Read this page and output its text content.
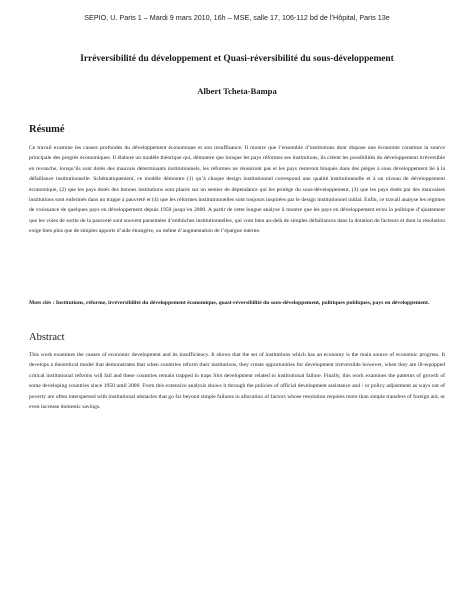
SEPIO, U. Paris 1 – Mardi 9 mars 2010, 16h – MSE, salle 17, 106-112 bd de l’Hôpital, Paris 13e
Irréversibilité du développement et Quasi-réversibilité du sous-développement
Albert Tcheta-Bampa
Résumé
Ce travail examine les causes profondes du développement économique et son insuffisance. Il montre que l’ensemble d’institutions dont dispose une économie constitue la source principale des progrès économiques. Il élabore un modèle théorique qui, démontre que lorsque les pays réformes ses institutions, ils créent les possibilités du développement irréversible en revanche, lorsqu’ils sont dotés des mauvais déterminants institutionnels, les réformes ne réussiront pas et les pays resteront bloqués dans des pièges à sous développement lié à la défaillance institutionnelle. Schématiquement, ce modèle démontre (1) qu’à chaque design institutionnel correspond une qualité institutionnelle et à un niveau de développement économique, (2) que les pays dotés des bonnes institutions sont placés sur un sentier de dépendance qui les protège du sous-développement, (3) que les pays dotés par des mauvaises institutions sont enfermés dans un trappe à pauvreté et (4) que les réformes institutionnelles sont toujours inspirées par le design institutionnel initial. Enfin, ce travail analyse les régimes de croissance de quelques pays en développement depuis 1950 jusqu’en 2000. A partir de cette longue analyse il montre que les pays en développement et/ou la politique d’ajustement que les voies de sortie de la pauvreté sont souvent parsemées d’embûches institutionnelles, qui vont bien au-delà de simples défaillances dans la dotation de facteurs et dont la résolution exige bien plus que de simples apports d’aide étrangère, ou même d’augmentation de l’épargne interne.
Mots clés : Institutions, réforme, irréversibilité du développement économique, quasi-réversibilité du sous-développement, politiques publiques, pays en développement.
Abstract
This work examines the causes of economic development and its insufficiency. It shows that the set of institutions which has an economy is the main source of economic progress. It develops a theoretical model that demonstrates that when countries reform their institutions, they create opportunities for development irreversible however, when they are ill-equipped critical institutional reforms will fail and these countries remain trapped in traps Slot development related to institutional failure. Finally, this work examines the patterns of growth of some developing countries since 1950 until 2000. From this extensive analysis shows it through the policies of official development assistance and / or policy adjustment as ways out of poverty are often interspersed with institutional obstacles that go far beyond simple failures in allocation of factors whose resolution requires more than simple transfers of foreign aid, or even increase domestic savings.
